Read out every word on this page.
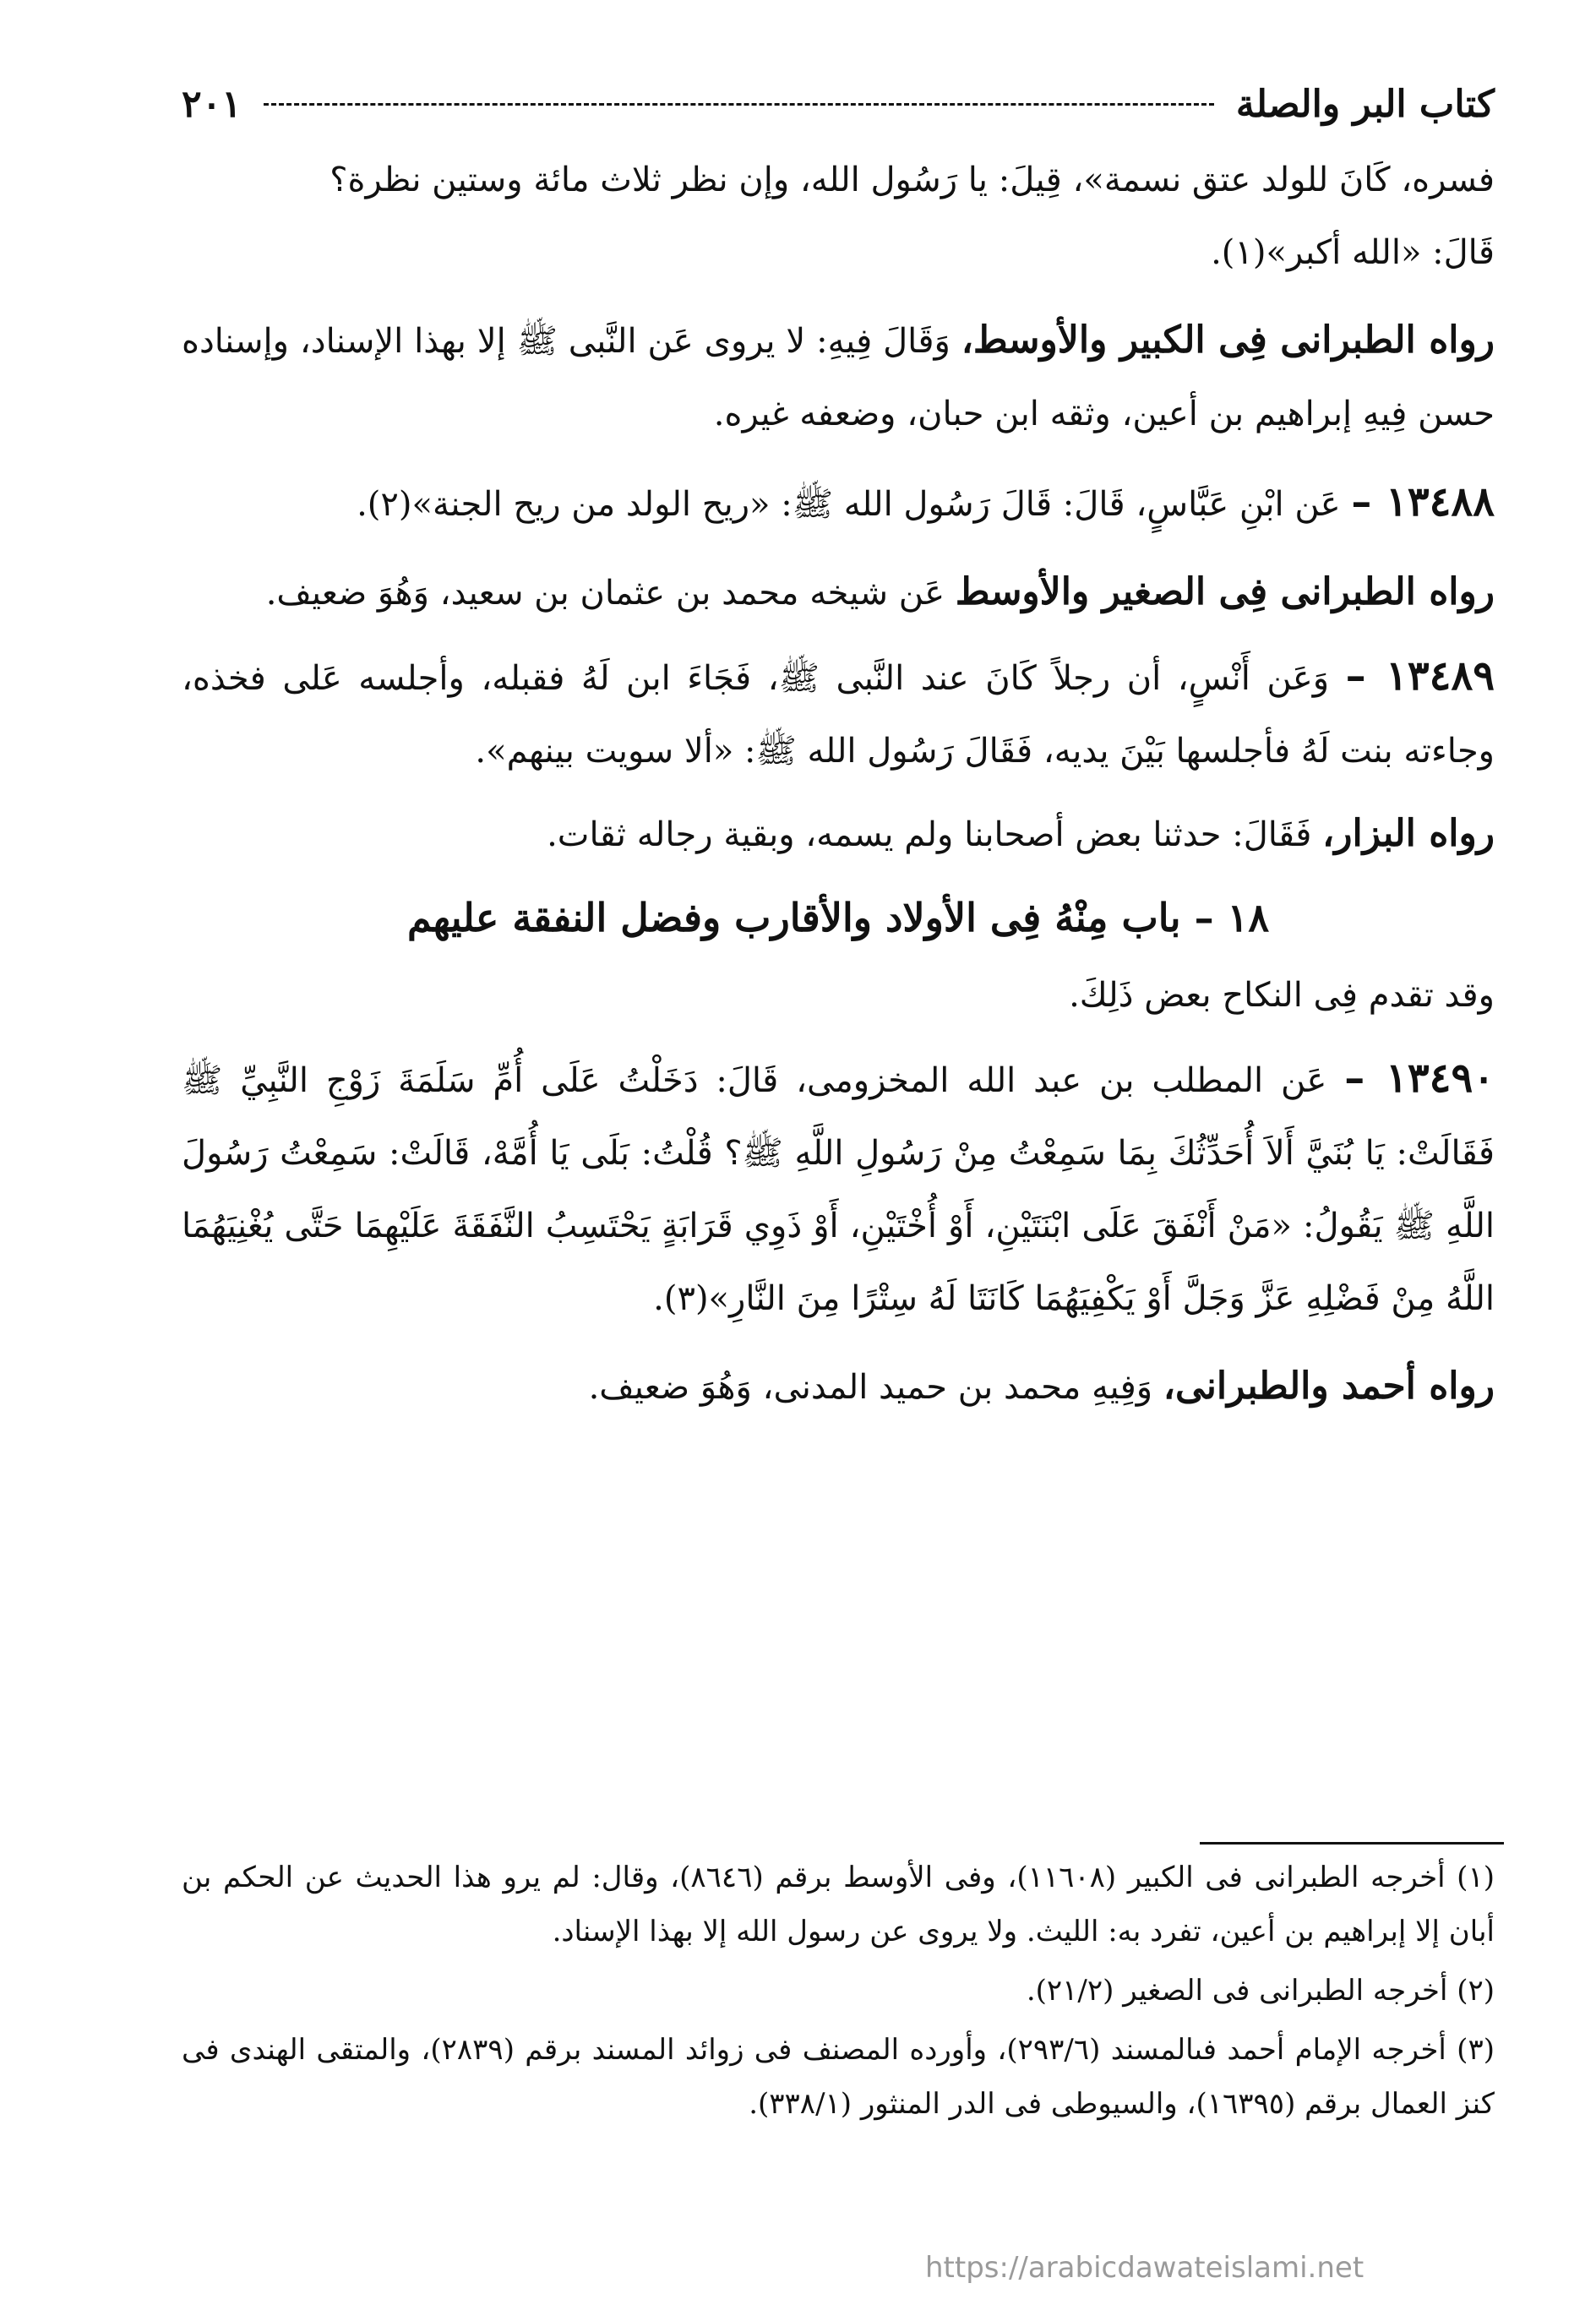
كتاب البر والصلة
٢٠١

فسره، كَانَ للولد عتق نسمة»، قِيلَ: يا رَسُول الله، وإن نظر ثلاث مائة وستين نظرة؟
قَالَ: «الله أكبر»(١).

رواه الطبرانى فِى الكبير والأوسط، وَقَالَ فِيهِ: لا يروى عَن النَّبى ﷺ إلا بهذا الإسناد، وإسناده حسن فِيهِ إبراهيم بن أعين، وثقه ابن حبان، وضعفه غيره.

١٣٤٨٨ – عَن ابْنِ عَبَّاسٍ، قَالَ: قَالَ رَسُول الله ﷺ: «ريح الولد من ريح الجنة»(٢).

رواه الطبرانى فِى الصغير والأوسط عَن شيخه محمد بن عثمان بن سعيد، وَهُوَ ضعيف.

١٣٤٨٩ – وَعَن أَنْسٍ، أن رجلاً كَانَ عند النَّبى ﷺ، فَجَاءَ ابن لَهُ فقبله، وأجلسه عَلى فخذه، وجاءته بنت لَهُ فأجلسها بَيْنَ يديه، فَقَالَ رَسُول الله ﷺ: «ألا سويت بينهم».

رواه البزار، فَقَالَ: حدثنا بعض أصحابنا ولم يسمه، وبقية رجاله ثقات.

١٨ – باب مِنْهُ فِى الأولاد والأقارب وفضل النفقة عليهم

وقد تقدم فِى النكاح بعض ذَلِكَ.

١٣٤٩٠ – عَن المطلب بن عبد الله المخزومى، قَالَ: دَخَلْتُ عَلَى أُمِّ سَلَمَةَ زَوْجِ النَّبِيِّ ﷺ فَقَالَتْ: يَا بُنَيَّ أَلاَ أُحَدِّثُكَ بِمَا سَمِعْتُ مِنْ رَسُولِ اللَّهِ ﷺ؟ قُلْتُ: بَلَى يَا أُمَّهْ، قَالَتْ: سَمِعْتُ رَسُولَ اللَّهِ ﷺ يَقُولُ: «مَنْ أَنْفَقَ عَلَى ابْنَتَيْنِ، أَوْ أُخْتَيْنِ، أَوْ ذَوِي قَرَابَةٍ يَحْتَسِبُ النَّفَقَةَ عَلَيْهِمَا حَتَّى يُغْنِيَهُمَا اللَّهُ مِنْ فَضْلِهِ عَزَّ وَجَلَّ أَوْ يَكْفِيَهُمَا كَانَتَا لَهُ سِتْرًا مِنَ النَّارِ»(٣).

رواه أحمد والطبرانى، وَفِيهِ محمد بن حميد المدنى، وَهُوَ ضعيف.

(١) أخرجه الطبرانى فى الكبير (١١٦٠٨)، وفى الأوسط برقم (٨٦٤٦)، وقال: لم يرو هذا الحديث عن الحكم بن أبان إلا إبراهيم بن أعين، تفرد به: الليث. ولا يروى عن رسول الله إلا بهذا الإسناد.

(٢) أخرجه الطبرانى فى الصغير (٢١/٢).

(٣) أخرجه الإمام أحمد فىالمسند (٢٩٣/٦)، وأورده المصنف فى زوائد المسند برقم (٢٨٣٩)، والمتقى الهندى فى كنز العمال برقم (١٦٣٩٥)، والسيوطى فى الدر المنثور (٣٣٨/١).

https://arabicdawateislami.net
